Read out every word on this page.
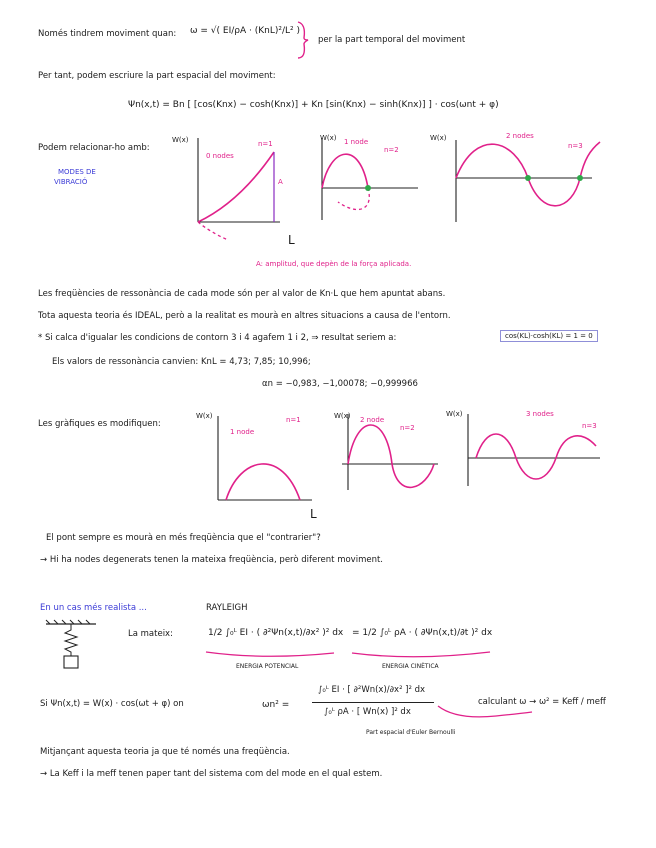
Només tindrem moviment quan: ω = √( EI/ρA · (KnL)²/L² )
per la part temporal del moviment
Per tant, podem escriure la part espacial del moviment:
Ψn(x,t) = Bn [ [cos(Knx) − cosh(Knx)] + Kn [sin(Knx) − sinh(Knx)] ] · cos(ωnt + φ)
Podem relacionar-ho amb:
MODES DE
VIBRACIÓ
W(x)
0 nodes
n=1
A
L
1 node
n=2
W(x)	2 nodes
n=3
W(x)
A: amplitud, que depèn de la força aplicada.
Les freqüències de ressonància de cada mode són per al valor de Kn·L que hem apuntat abans.
Tota aquesta teoria és IDEAL, però a la realitat es mourà en altres situacions a causa de l'entorn.
* Si calca d'igualar les condicions de contorn 3 i 4 agafem 1 i 2, ⇒ resultat seriem a:	cos(KL)·cosh(KL) = 1 = 0
Els valors de ressonància canvien: KnL = 4,73; 7,85; 10,996;
αn = −0,983, −1,00078; −0,999966
Les gràfiques es modifiquen:
W(x)
1 node
n=1
L
W(x) 2 node
n=2
W(x)	3 nodes
n=3
El pont sempre es mourà en més freqüència que el "contrarier"?
→ Hi ha nodes degenerats tenen la mateixa freqüència, però diferent moviment.
En un cas més realista ...	RAYLEIGH
La mateix:	1/2 ∫₀ᴸ EI · ( ∂²Ψn(x,t)/∂x² )² dx = 1/2 ∫₀ᴸ ρA · ( ∂Ψn(x,t)/∂t )² dx
ENERGIA POTENCIAL	ENERGIA CINÈTICA
Si Ψn(x,t) = W(x) · cos(ωt + φ) on	ωn² =
∫₀ᴸ EI · [ ∂²Wn(x)/∂x² ]² dx
∫₀ᴸ ρA · [ Wn(x) ]² dx
Part espacial d'Euler Bernoulli
calculant ω → ω² = Keff / meff
Mitjançant aquesta teoria ja que té només una freqüència.
→ La Keff i la meff tenen paper tant del sistema com del mode en el qual estem.
